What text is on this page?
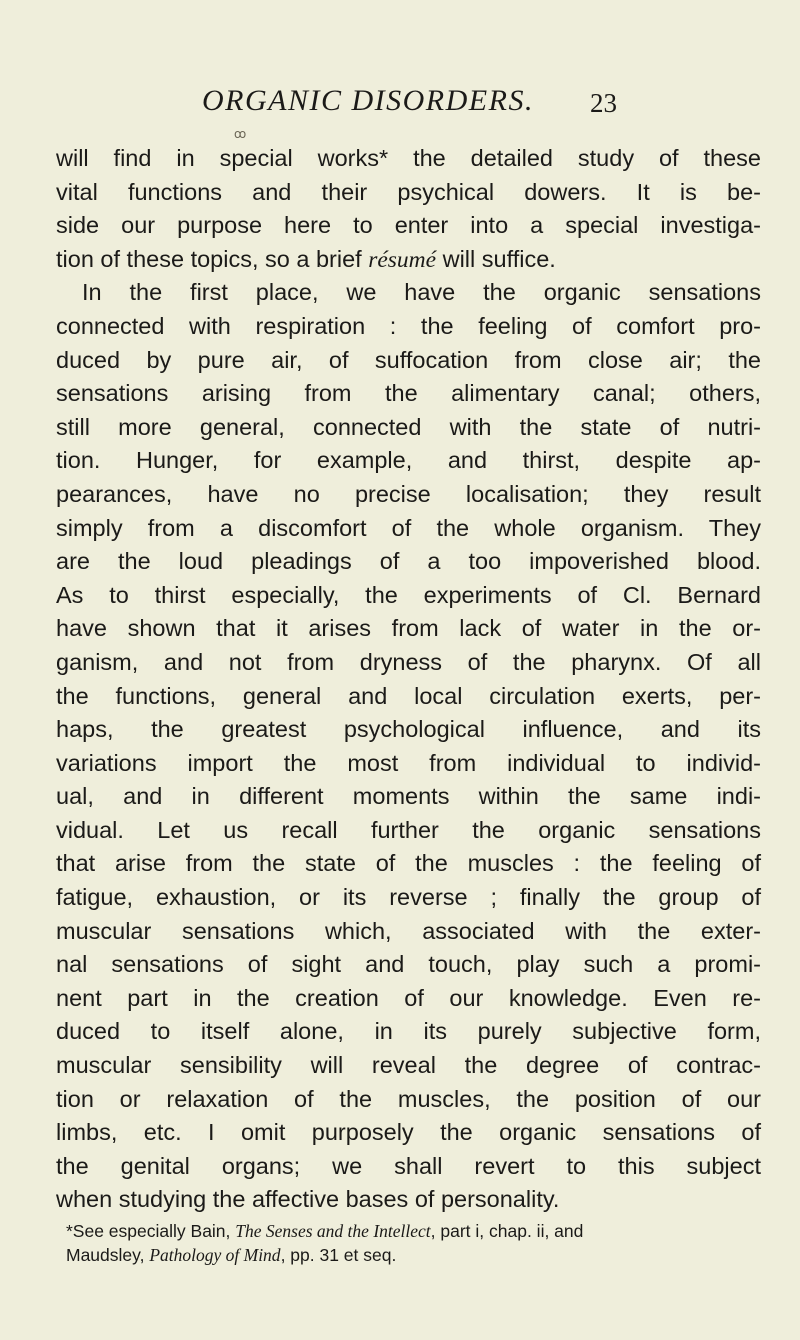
ORGANIC DISORDERS. 23
ꝏ
will find in special works* the detailed study of these
vital functions and their psychical dowers. It is be-
side our purpose here to enter into a special investiga-
tion of these topics, so a brief résumé will suffice.
In the first place, we have the organic sensations
connected with respiration : the feeling of comfort pro-
duced by pure air, of suffocation from close air; the
sensations arising from the alimentary canal; others,
still more general, connected with the state of nutri-
tion. Hunger, for example, and thirst, despite ap-
pearances, have no precise localisation; they result
simply from a discomfort of the whole organism. They
are the loud pleadings of a too impoverished blood.
As to thirst especially, the experiments of Cl. Bernard
have shown that it arises from lack of water in the or-
ganism, and not from dryness of the pharynx. Of all
the functions, general and local circulation exerts, per-
haps, the greatest psychological influence, and its
variations import the most from individual to individ-
ual, and in different moments within the same indi-
vidual. Let us recall further the organic sensations
that arise from the state of the muscles : the feeling of
fatigue, exhaustion, or its reverse ; finally the group of
muscular sensations which, associated with the exter-
nal sensations of sight and touch, play such a promi-
nent part in the creation of our knowledge. Even re-
duced to itself alone, in its purely subjective form,
muscular sensibility will reveal the degree of contrac-
tion or relaxation of the muscles, the position of our
limbs, etc. I omit purposely the organic sensations of
the genital organs; we shall revert to this subject
when studying the affective bases of personality.
*See especially Bain, The Senses and the Intellect, part i, chap. ii, and
Maudsley, Pathology of Mind, pp. 31 et seq.
